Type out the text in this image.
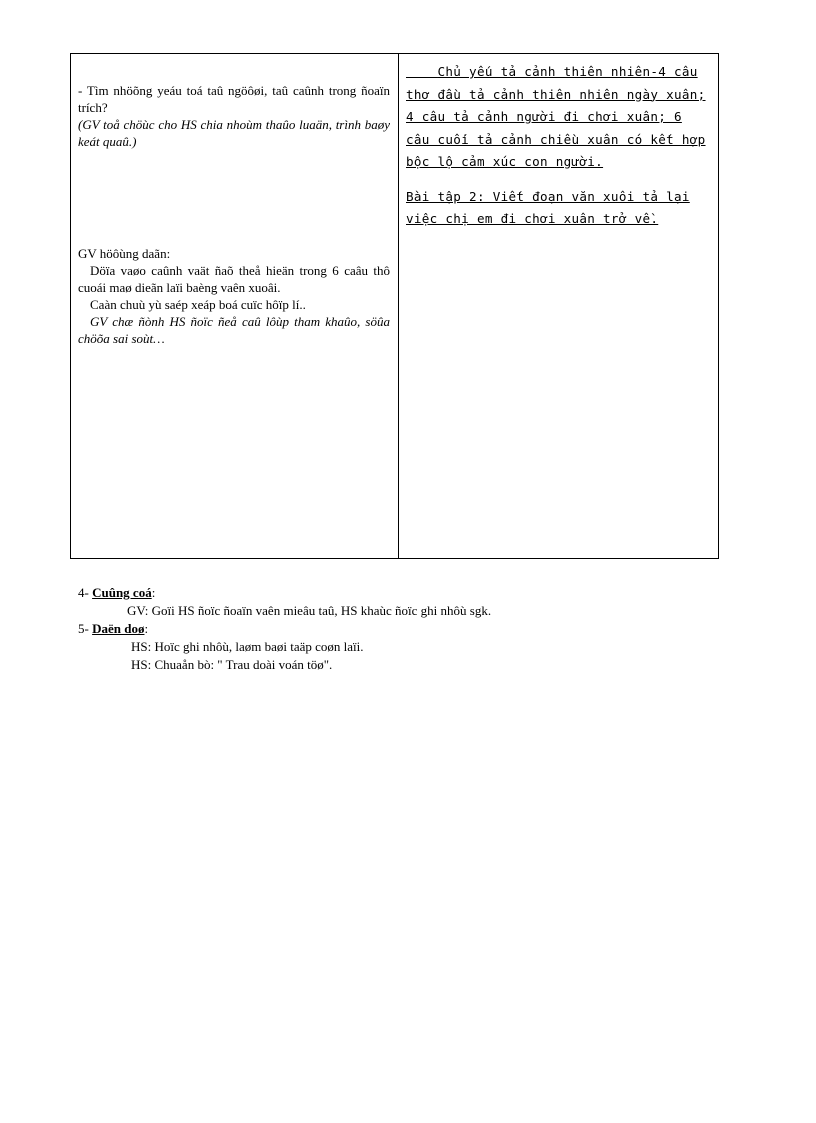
- Tìm nhöõng yeáu toá taû ngöôøi, taû caûnh trong ñoaïn trích?

(GV toå chöùc cho HS chia nhoùm thaûo luaän, trình baøy keát quaû.)

GV höôùng daãn:

Döïa vaøo caûnh vaät ñaõ theå hieän trong 6 caâu thô cuoái maø dieãn laïi baèng vaên xuoâi.

Caàn chuù yù saép xeáp boá cuïc hôïp lí..

GV chæ ñònh HS ñoïc ñeå caû lôùp tham khaûo, söûa chöõa sai soùt…

Chủ yếu tả cảnh thiên nhiên-4 câu thơ đầu tả cảnh thiên nhiên ngày xuân; 4 câu tả cảnh người đi chơi xuân; 6 câu cuối tả cảnh chiều xuân có kết hợp bộc lộ cảm xúc con người.

Bài tập 2: Viết đoạn văn xuôi tả lại việc chị em đi chơi xuân trở về.

4- Cuûng coá:

GV: Goïi HS ñoïc ñoaïn vaên mieâu taû, HS khaùc ñoïc ghi nhôù sgk.

5- Daën doø:

HS: Hoïc ghi nhôù, laøm baøi taäp coøn laïi.

HS: Chuaån bò: " Trau doài voán töø".
